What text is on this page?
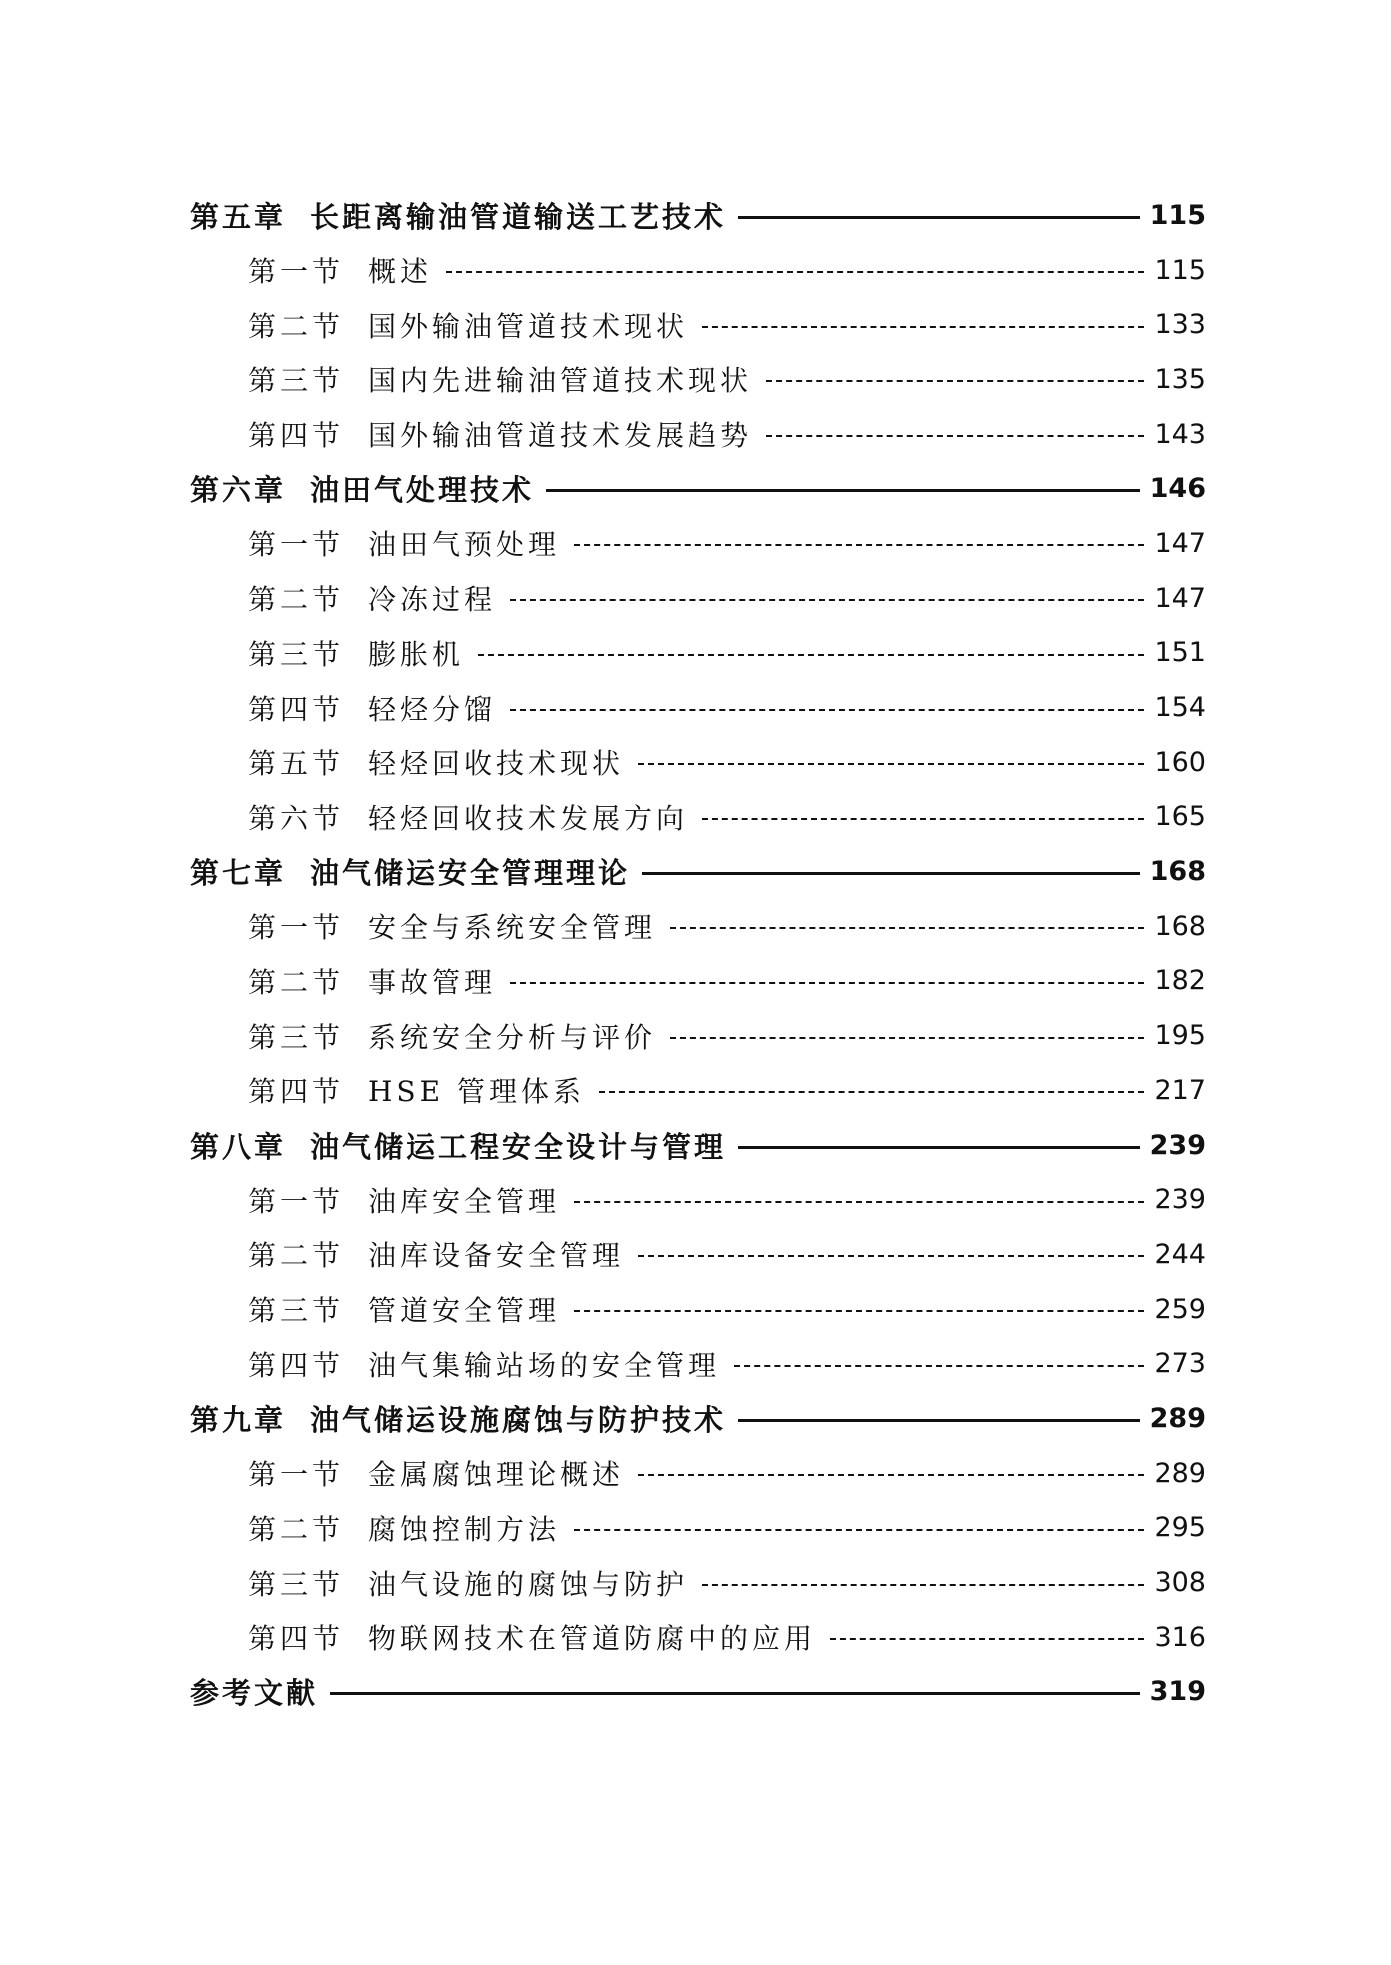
第五章 长距离输油管道输送工艺技术	115
第一节 概述	115
第二节 国外输油管道技术现状	133
第三节 国内先进输油管道技术现状	135
第四节 国外输油管道技术发展趋势	143
第六章 油田气处理技术	146
第一节 油田气预处理	147
第二节 冷冻过程	147
第三节 膨胀机	151
第四节 轻烃分馏	154
第五节 轻烃回收技术现状	160
第六节 轻烃回收技术发展方向	165
第七章 油气储运安全管理理论	168
第一节 安全与系统安全管理	168
第二节 事故管理	182
第三节 系统安全分析与评价	195
第四节 HSE 管理体系	217
第八章 油气储运工程安全设计与管理	239
第一节 油库安全管理	239
第二节 油库设备安全管理	244
第三节 管道安全管理	259
第四节 油气集输站场的安全管理	273
第九章 油气储运设施腐蚀与防护技术	289
第一节 金属腐蚀理论概述	289
第二节 腐蚀控制方法	295
第三节 油气设施的腐蚀与防护	308
第四节 物联网技术在管道防腐中的应用	316
参考文献	319
